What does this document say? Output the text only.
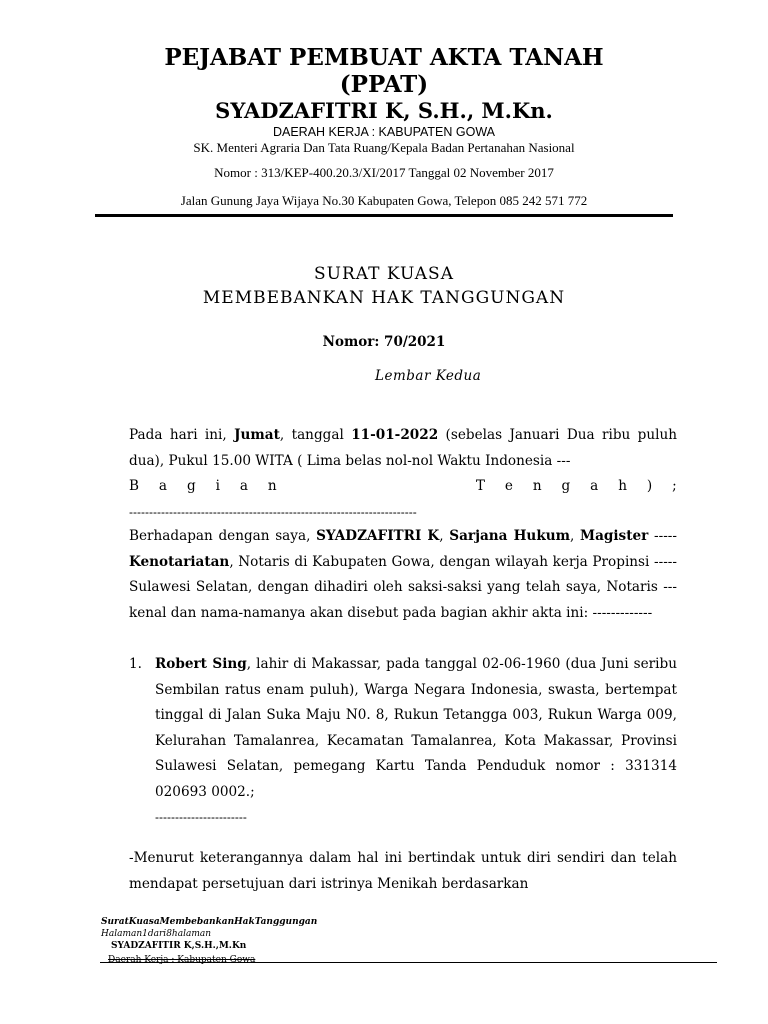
PEJABAT PEMBUAT AKTA TANAH
(PPAT)
SYADZAFITRI K, S.H., M.Kn.
DAERAH KERJA : KABUPATEN GOWA
SK. Menteri Agraria Dan Tata Ruang/Kepala Badan Pertanahan Nasional
Nomor : 313/KEP-400.20.3/XI/2017 Tanggal 02 November 2017
Jalan Gunung Jaya Wijaya No.30 Kabupaten Gowa, Telepon 085 242 571 772
SURAT KUASA
MEMBEBANKAN HAK TANGGUNGAN
Nomor: 70/2021
Lembar Kedua

Pada hari ini, Jumat, tanggal 11-01-2022 (sebelas Januari Dua ribu puluh dua), Pukul 15.00 WITA ( Lima belas nol-nol Waktu Indonesia ---

B a g i a n	T e n g a h ) ;
------------------------------------------------------------------------

Berhadapan dengan saya, SYADZAFITRI K, Sarjana Hukum, Magister -----Kenotariatan, Notaris di Kabupaten Gowa, dengan wilayah kerja Propinsi -----Sulawesi Selatan, dengan dihadiri oleh saksi-saksi yang telah saya, Notaris ---kenal dan nama-namanya akan disebut pada bagian akhir akta ini: -------------

1. Robert Sing, lahir di Makassar, pada tanggal 02-06-1960 (dua Juni seribu Sembilan ratus enam puluh), Warga Negara Indonesia, swasta, bertempat tinggal di Jalan Suka Maju N0. 8, Rukun Tetangga 003, Rukun Warga 009, Kelurahan Tamalanrea, Kecamatan Tamalanrea, Kota Makassar, Provinsi Sulawesi Selatan, pemegang Kartu Tanda Penduduk nomor : 331314 020693 0002.;
-----------------------

-Menurut keterangannya dalam hal ini bertindak untuk diri sendiri dan telah mendapat persetujuan dari istrinya Menikah berdasarkan

SuratKuasaMembebankanHakTanggungan
Halaman1dari8halaman
SYADZAFITIR K,S.H.,M.Kn
Daerah Kerja : Kabupaten Gowa
